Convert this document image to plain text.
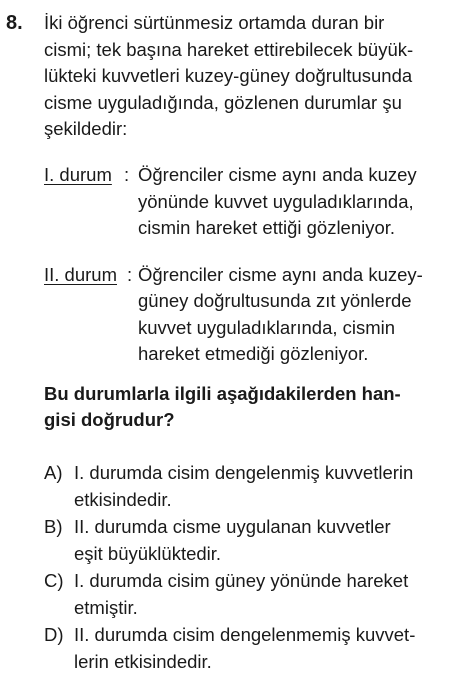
8. İki öğrenci sürtünmesiz ortamda duran bir
cismi; tek başına hareket ettirebilecek büyük-
lükteki kuvvetleri kuzey-güney doğrultusunda
cisme uyguladığında, gözlenen durumlar şu
şekildedir:
I. durum : Öğrenciler cisme aynı anda kuzey
yönünde kuvvet uyguladıklarında,
cismin hareket ettiği gözleniyor.
II. durum : Öğrenciler cisme aynı anda kuzey-
güney doğrultusunda zıt yönlerde
kuvvet uyguladıklarında, cismin
hareket etmediği gözleniyor.
Bu durumlarla ilgili aşağıdakilerden han-
gisi doğrudur?
A) I. durumda cisim dengelenmiş kuvvetlerin
etkisindedir.
B) II. durumda cisme uygulanan kuvvetler
eşit büyüklüktedir.
C) I. durumda cisim güney yönünde hareket
etmiştir.
D) II. durumda cisim dengelenmemiş kuvvet-
lerin etkisindedir.
